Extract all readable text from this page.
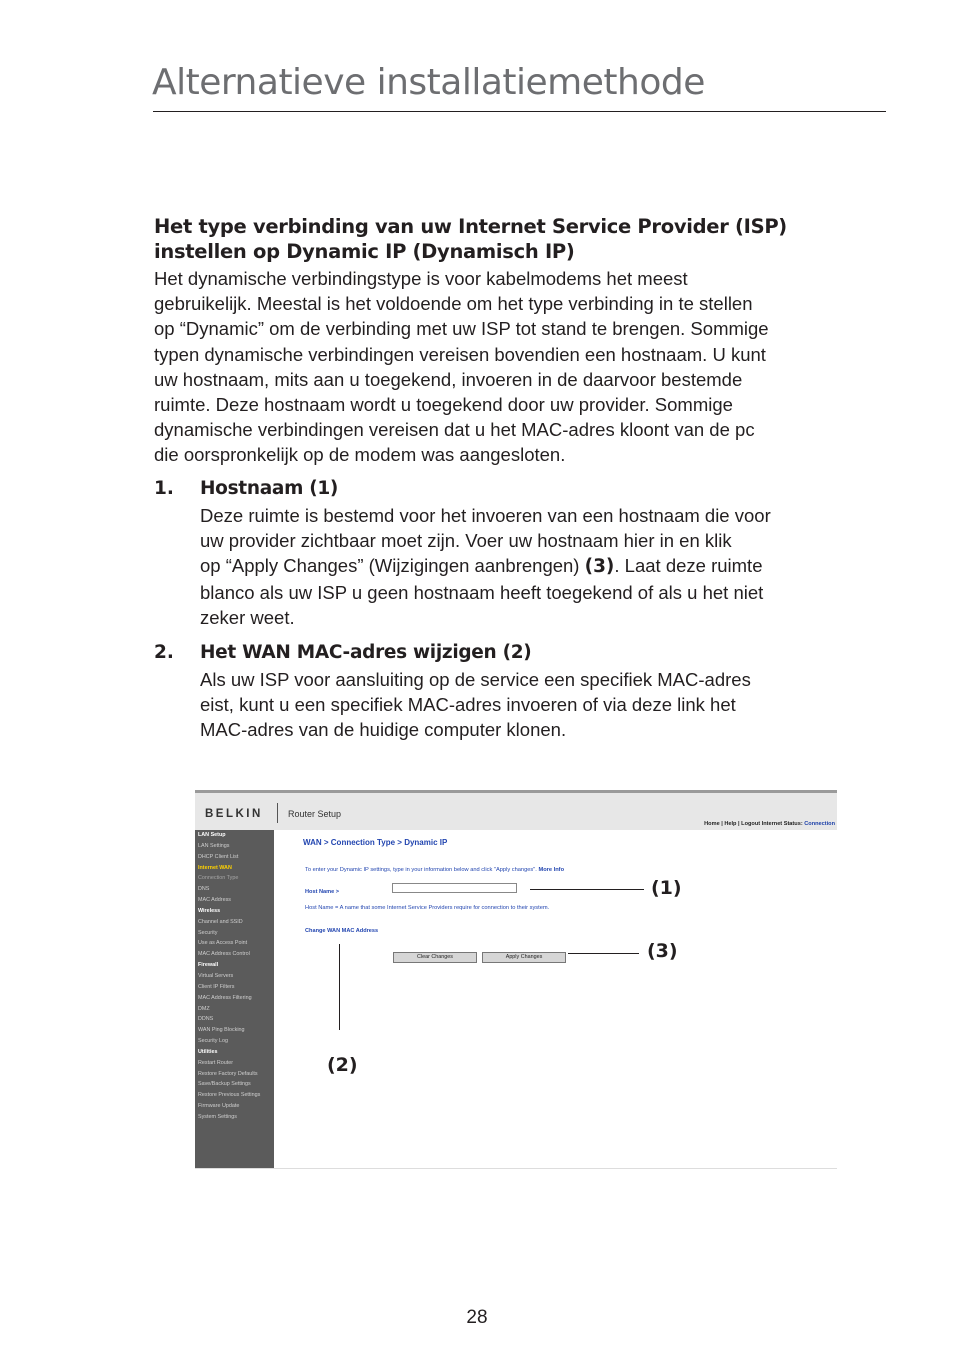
Alternatieve installatiemethode
Het type verbinding van uw Internet Service Provider (ISP)
instellen op Dynamic IP (Dynamisch IP)
Het dynamische verbindingstype is voor kabelmodems het meest
gebruikelijk. Meestal is het voldoende om het type verbinding in te stellen
op “Dynamic” om de verbinding met uw ISP tot stand te brengen. Sommige
typen dynamische verbindingen vereisen bovendien een hostnaam. U kunt
uw hostnaam, mits aan u toegekend, invoeren in de daarvoor bestemde
ruimte. Deze hostnaam wordt u toegekend door uw provider. Sommige
dynamische verbindingen vereisen dat u het MAC-adres kloont van de pc
die oorspronkelijk op de modem was aangesloten.
1. Hostnaam (1)
Deze ruimte is bestemd voor het invoeren van een hostnaam die voor
uw provider zichtbaar moet zijn. Voer uw hostnaam hier in en klik
op “Apply Changes” (Wijzigingen aanbrengen) (3). Laat deze ruimte
blanco als uw ISP u geen hostnaam heeft toegekend of als u het niet
zeker weet.
2. Het WAN MAC-adres wijzigen (2)
Als uw ISP voor aansluiting op de service een specifiek MAC-adres
eist, kunt u een specifiek MAC-adres invoeren of via deze link het
MAC-adres van de huidige computer klonen.
BELKIN	Router Setup
Home | Help | Logout Internet Status: Connection
LAN Setup
LAN Settings
DHCP Client List
Internet WAN
Connection Type
DNS
MAC Address
Wireless
Channel and SSID
Security
Use as Access Point
MAC Address Control
Firewall
Virtual Servers
Client IP Filters
MAC Address Filtering
DMZ
DDNS
WAN Ping Blocking
Security Log
Utilities
Restart Router
Restore Factory Defaults
Save/Backup Settings
Restore Previous Settings
Firmware Update
System Settings
WAN > Connection Type > Dynamic IP
To enter your Dynamic IP settings, type in your information below and click "Apply changes". More Info
Host Name >
Host Name = A name that some Internet Service Providers require for connection to their system.
Change WAN MAC Address
Clear Changes	Apply Changes
(1)
(3)
(2)
28
